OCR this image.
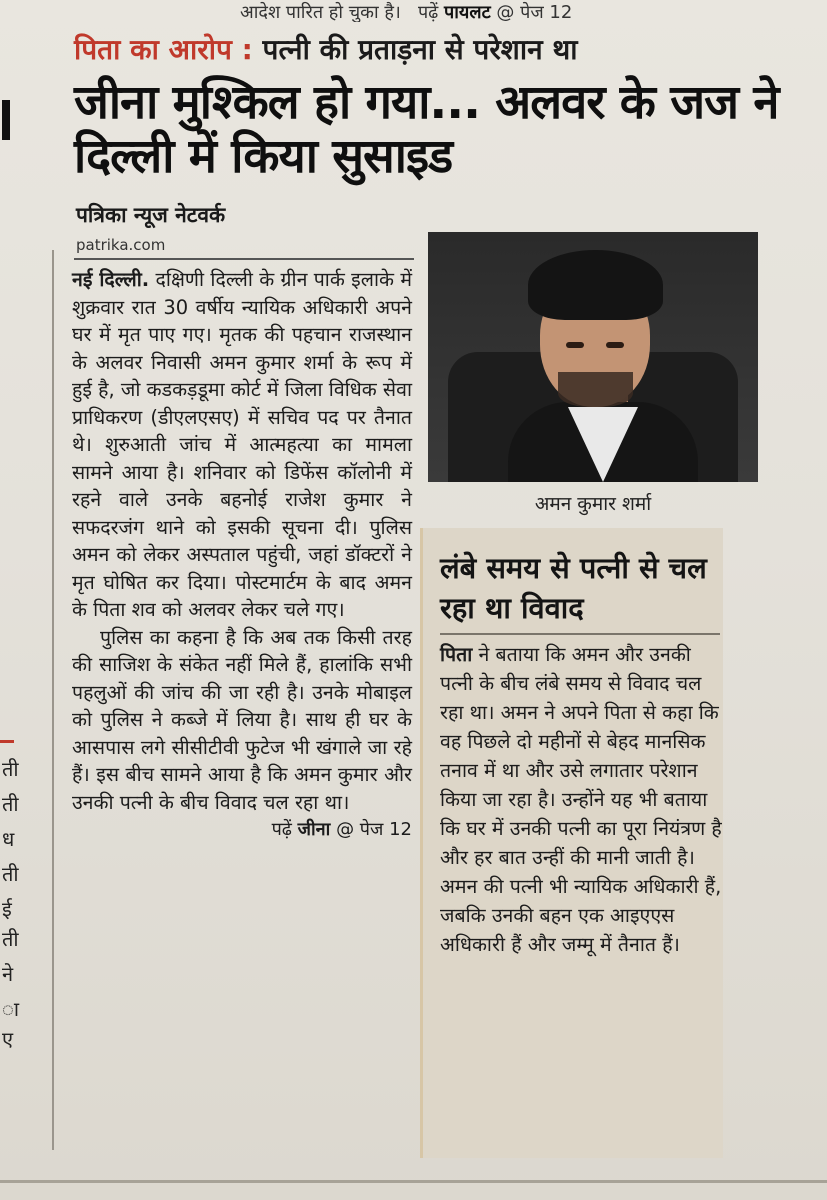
ती
ती
ध
ती
ई
ती
ने
ा
ए
आदेश पारित हो चुका है। पढ़ें पायलट @ पेज 12
पिता का आरोप : पत्नी की प्रताड़ना से परेशान था
जीना मुश्किल हो गया... अलवर के जज ने दिल्ली में किया सुसाइड
पत्रिका न्यूज नेटवर्क
patrika.com

नई दिल्ली. दक्षिणी दिल्ली के ग्रीन पार्क इलाके में शुक्रवार रात 30 वर्षीय न्यायिक अधिकारी अपने घर में मृत पाए गए। मृतक की पहचान राजस्थान के अलवर निवासी अमन कुमार शर्मा के रूप में हुई है, जो कडकड़डूमा कोर्ट में जिला विधिक सेवा प्राधिकरण (डीएलएसए) में सचिव पद पर तैनात थे। शुरुआती जांच में आत्महत्या का मामला सामने आया है। शनिवार को डिफेंस कॉलोनी में रहने वाले उनके बहनोई राजेश कुमार ने सफदरजंग थाने को इसकी सूचना दी। पुलिस अमन को लेकर अस्पताल पहुंची, जहां डॉक्टरों ने मृत घोषित कर दिया। पोस्टमार्टम के बाद अमन के पिता शव को अलवर लेकर चले गए।

पुलिस का कहना है कि अब तक किसी तरह की साजिश के संकेत नहीं मिले हैं, हालांकि सभी पहलुओं की जांच की जा रही है। उनके मोबाइल को पुलिस ने कब्जे में लिया है। साथ ही घर के आसपास लगे सीसीटीवी फुटेज भी खंगाले जा रहे हैं। इस बीच सामने आया है कि अमन कुमार और उनकी पत्नी के बीच विवाद चल रहा था।
पढ़ें जीना @ पेज 12

अमन कुमार शर्मा
लंबे समय से पत्नी से चल रहा था विवाद
पिता ने बताया कि अमन और उनकी पत्नी के बीच लंबे समय से विवाद चल रहा था। अमन ने अपने पिता से कहा कि वह पिछले दो महीनों से बेहद मानसिक तनाव में था और उसे लगातार परेशान किया जा रहा है। उन्होंने यह भी बताया कि घर में उनकी पत्नी का पूरा नियंत्रण है और हर बात उन्हीं की मानी जाती है। अमन की पत्नी भी न्यायिक अधिकारी हैं, जबकि उनकी बहन एक आइएएस अधिकारी हैं और जम्मू में तैनात हैं।
